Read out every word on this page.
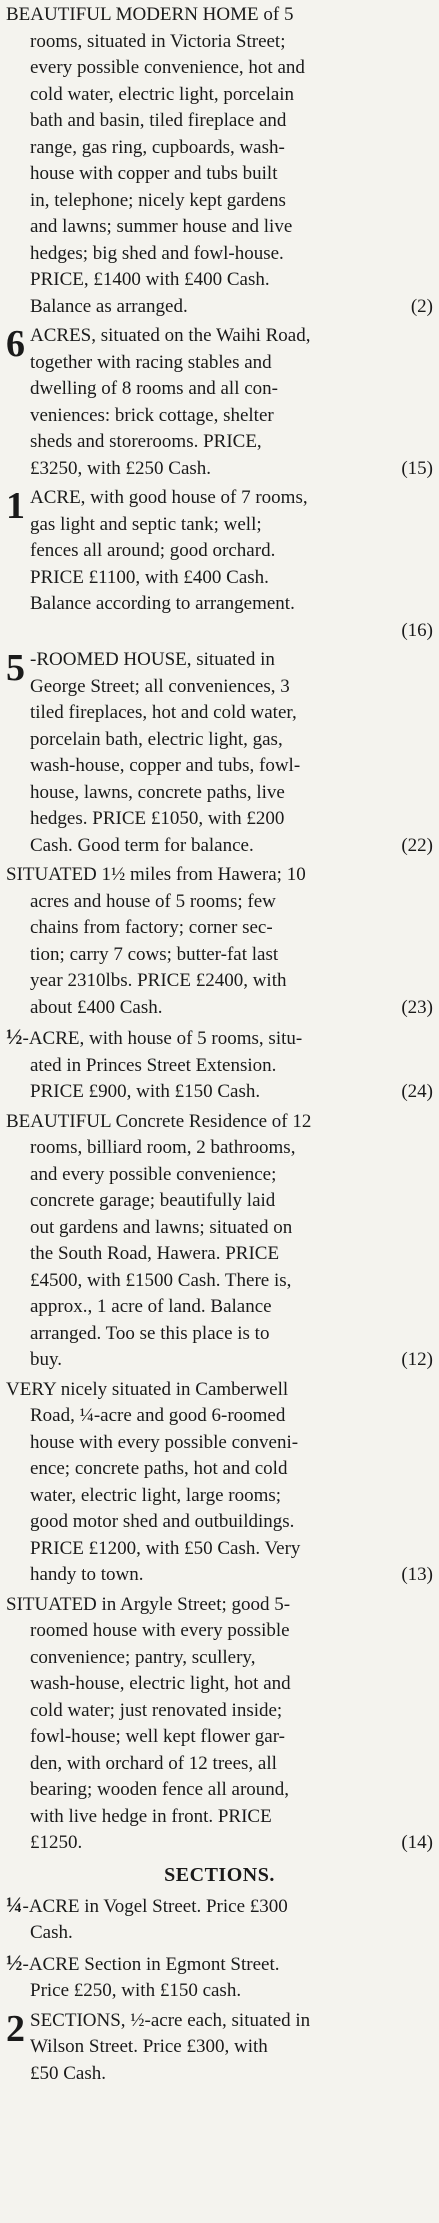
BEAUTIFUL MODERN HOME of 5
rooms, situated in Victoria Street;
every possible convenience, hot and
cold water, electric light, porcelain
bath and basin, tiled fireplace and
range, gas ring, cupboards, wash-
house with copper and tubs built
in, telephone; nicely kept gardens
and lawns; summer house and live
hedges; big shed and fowl-house.
PRICE, £1400 with £400 Cash.
Balance as arranged.	(2)
6 ACRES, situated on the Waihi Road,
together with racing stables and
dwelling of 8 rooms and all con-
veniences: brick cottage, shelter
sheds and storerooms. PRICE,
£3250, with £250 Cash.	(15)
1 ACRE, with good house of 7 rooms,
gas light and septic tank; well;
fences all around; good orchard.
PRICE £1100, with £400 Cash.
Balance according to arrangement.
(16)

5 -ROOMED HOUSE, situated in
George Street; all conveniences, 3
tiled fireplaces, hot and cold water,
porcelain bath, electric light, gas,
wash-house, copper and tubs, fowl-
house, lawns, concrete paths, live
hedges. PRICE £1050, with £200
Cash. Good term for balance.	(22)
SITUATED 1½ miles from Hawera; 10
acres and house of 5 rooms; few
chains from factory; corner sec-
tion; carry 7 cows; butter-fat last
year 2310lbs. PRICE £2400, with
about £400 Cash.	(23)
½-ACRE, with house of 5 rooms, situ-
ated in Princes Street Extension.
PRICE £900, with £150 Cash.	(24)
BEAUTIFUL Concrete Residence of 12
rooms, billiard room, 2 bathrooms,
and every possible convenience;
concrete garage; beautifully laid
out gardens and lawns; situated on
the South Road, Hawera. PRICE
£4500, with £1500 Cash. There is,
approx., 1 acre of land. Balance
arranged. Too se this place is to
buy.	(12)
VERY nicely situated in Camberwell
Road, ¼-acre and good 6-roomed
house with every possible conveni-
ence; concrete paths, hot and cold
water, electric light, large rooms;
good motor shed and outbuildings.
PRICE £1200, with £50 Cash. Very
handy to town.	(13)
SITUATED in Argyle Street; good 5-
roomed house with every possible
convenience; pantry, scullery,
wash-house, electric light, hot and
cold water; just renovated inside;
fowl-house; well kept flower gar-
den, with orchard of 12 trees, all
bearing; wooden fence all around,
with live hedge in front. PRICE
£1250.	(14)
SECTIONS.
¼-ACRE in Vogel Street. Price £300
Cash.
½-ACRE Section in Egmont Street.
Price £250, with £150 cash.
2 SECTIONS, ½-acre each, situated in
Wilson Street. Price £300, with
£50 Cash.
